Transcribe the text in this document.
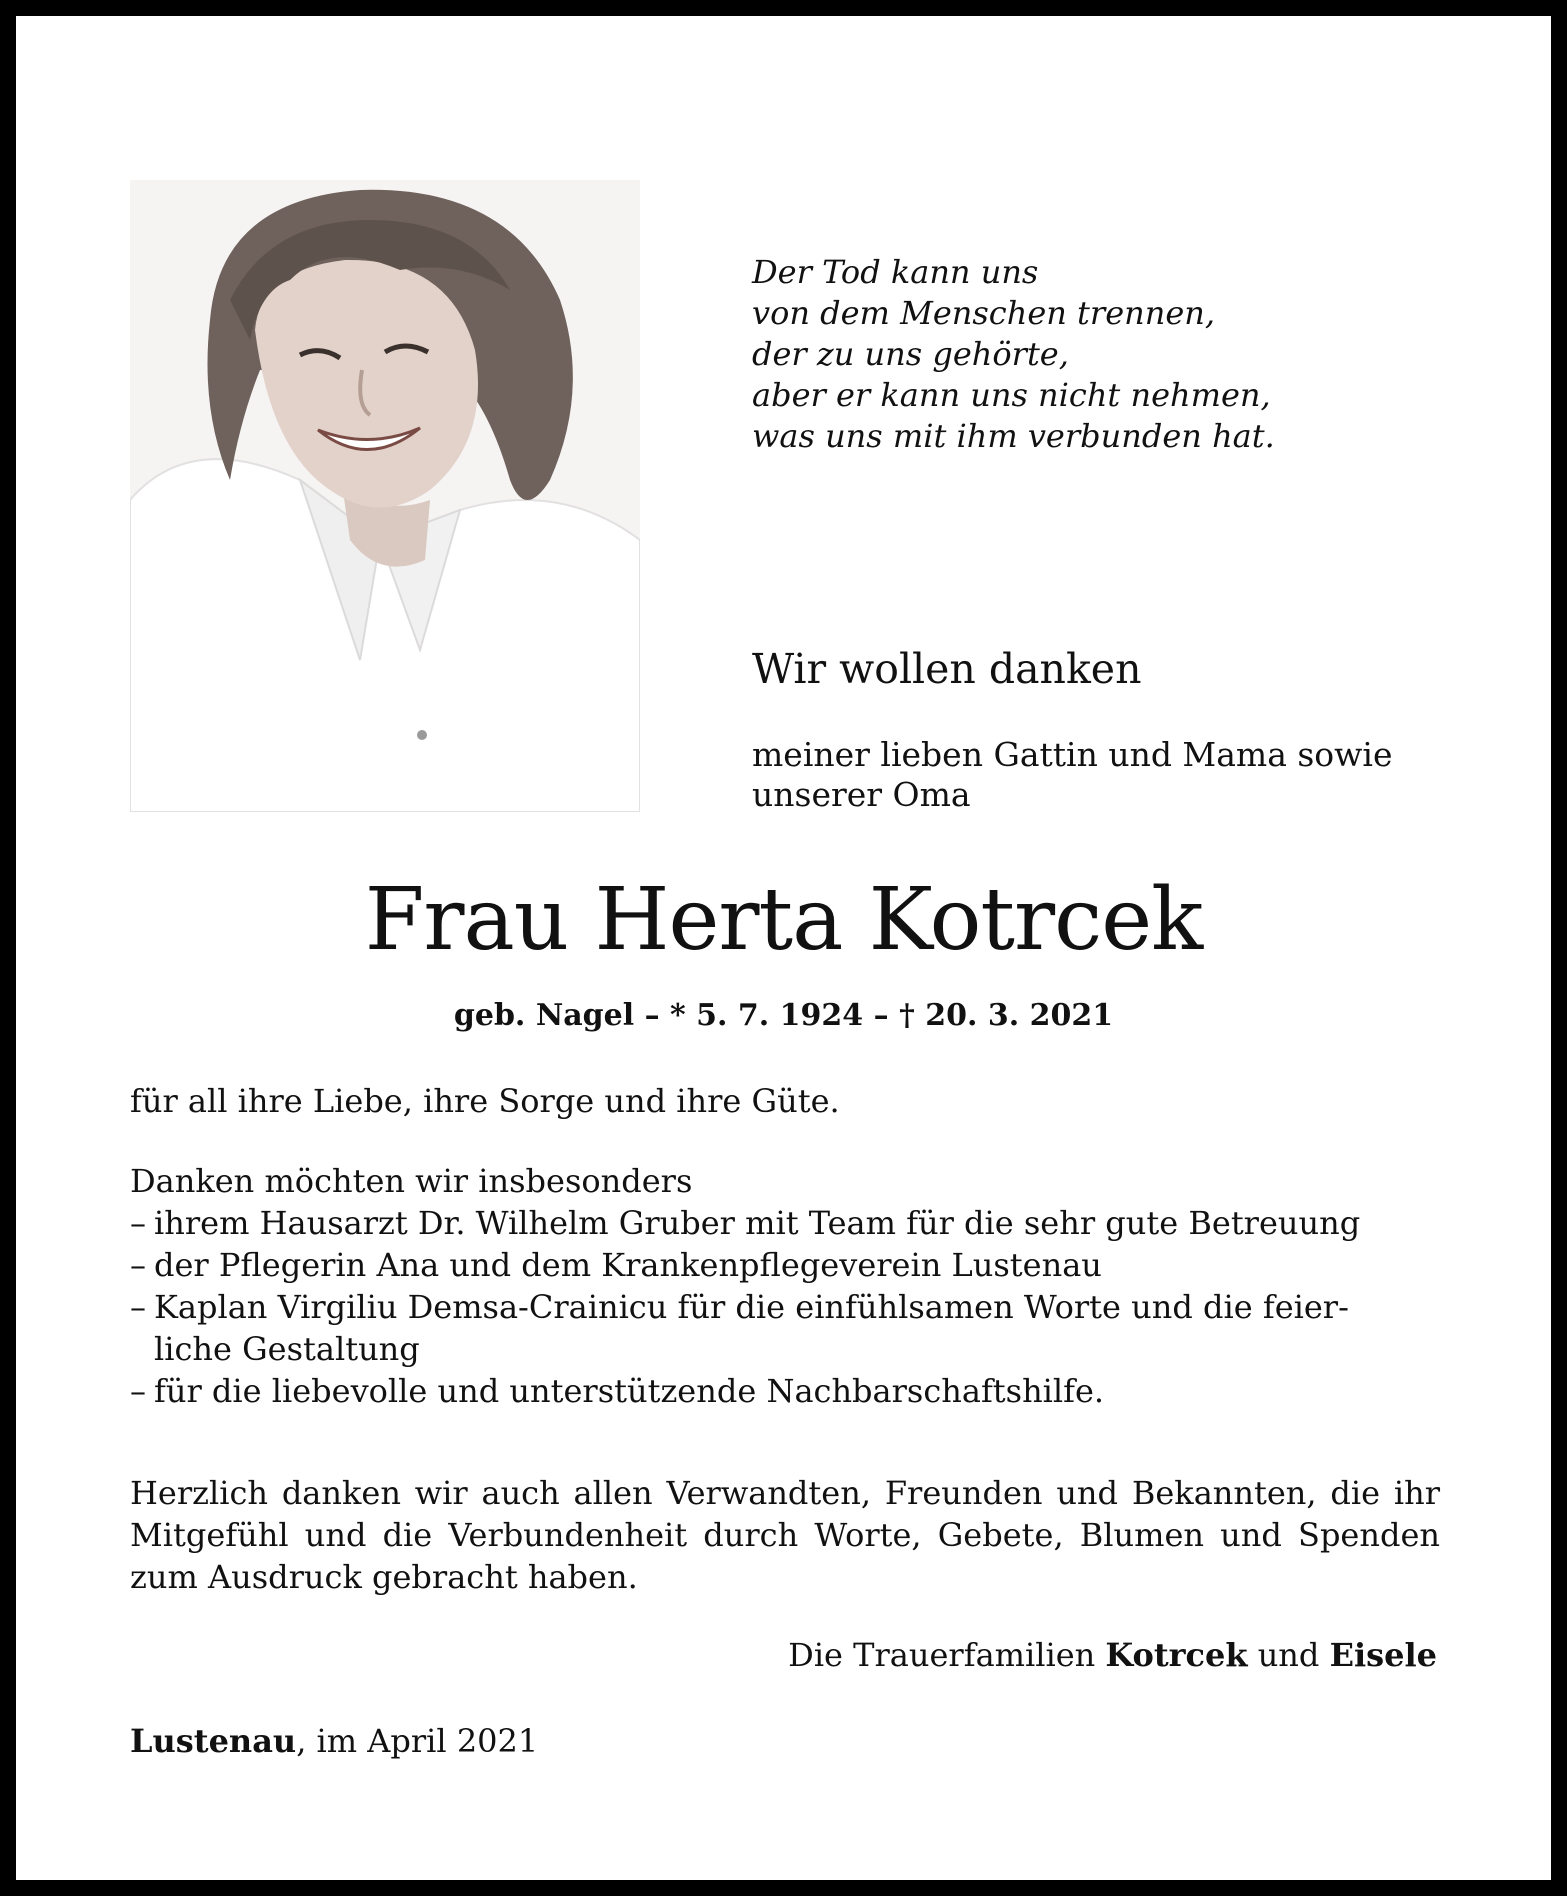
Der Tod kann uns
von dem Menschen trennen,
der zu uns gehörte,
aber er kann uns nicht nehmen,
was uns mit ihm verbunden hat.
Wir wollen danken
meiner lieben Gattin und Mama sowie
unserer Oma
Frau Herta Kotrcek
geb. Nagel – * 5. 7. 1924 – † 20. 3. 2021
für all ihre Liebe, ihre Sorge und ihre Güte.
Danken möchten wir insbesonders
– ihrem Hausarzt Dr. Wilhelm Gruber mit Team für die sehr gute Betreuung
– der Pflegerin Ana und dem Krankenpflegeverein Lustenau
– Kaplan Virgiliu Demsa-Crainicu für die einfühlsamen Worte und die feier-
liche Gestaltung
– für die liebevolle und unterstützende Nachbarschaftshilfe.
Herzlich danken wir auch allen Verwandten, Freunden und Bekannten, die ihr Mitgefühl und die Verbundenheit durch Worte, Gebete, Blumen und Spenden zum Ausdruck gebracht haben.
Die Trauerfamilien Kotrcek und Eisele
Lustenau, im April 2021
